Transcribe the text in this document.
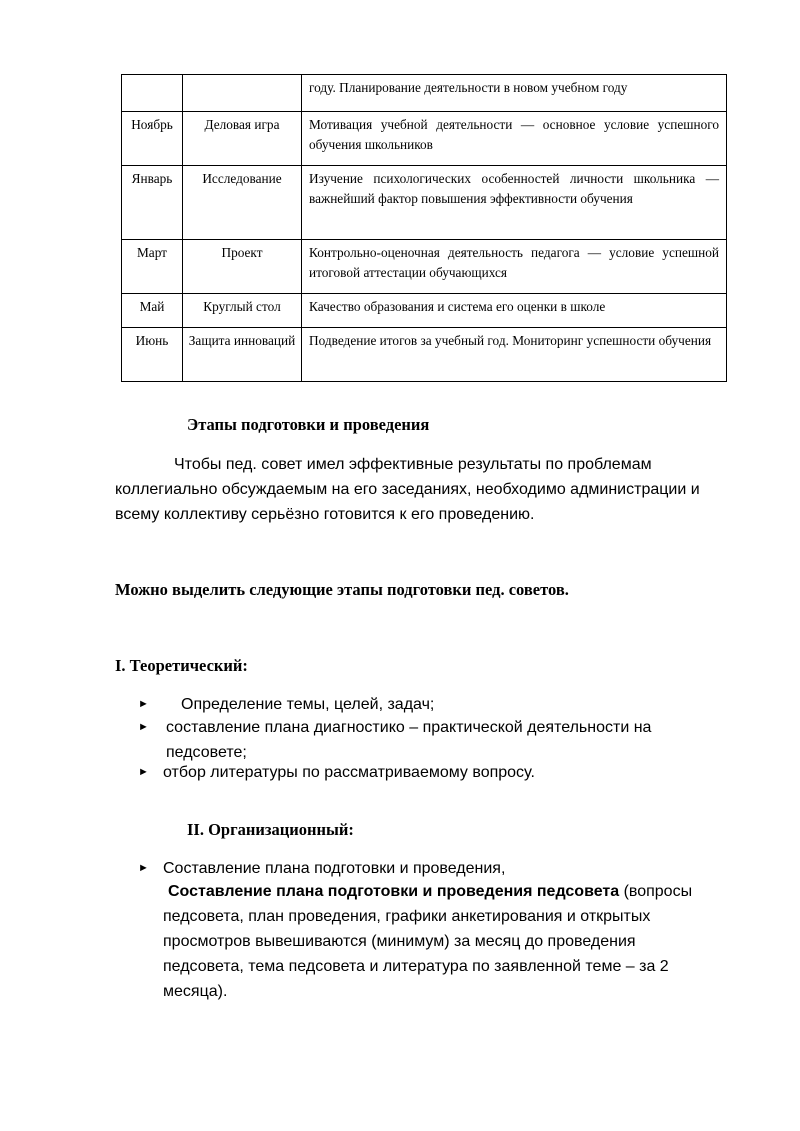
		году. Планирование деятельности в новом учебном году
Ноябрь	Деловая игра	Мотивация учебной деятельности — основное условие успешного обучения школьников
Январь	Исследование	Изучение психологических особенностей личности школьника — важнейший фактор повышения эффективности обучения
Март	Проект	Контрольно-оценочная деятельность педагога — условие успешной итоговой аттестации обучающихся
Май	Круглый стол	Качество образования и система его оценки в школе
Июнь	Защита инноваций	Подведение итогов за учебный год. Мониторинг успешности обучения

Этапы подготовки и проведения

Чтобы пед. совет имел эффективные результаты по проблемам
коллегиально обсуждаемым на его заседаниях, необходимо администрации и всему коллективу серьёзно готовится к его проведению.

Можно выделить следующие этапы подготовки пед. советов.

I. Теоретический:

► Определение темы, целей, задач;
► составление плана диагностико – практической деятельности на педсовете;
► отбор литературы по рассматриваемому вопросу.

II. Организационный:

► Составление плана подготовки и проведения,
Составление плана подготовки и проведения педсовета (вопросы
педсовета, план проведения, графики анкетирования и открытых просмотров вывешиваются (минимум) за месяц до проведения педсовета, тема педсовета и литература по заявленной теме – за 2 месяца).
